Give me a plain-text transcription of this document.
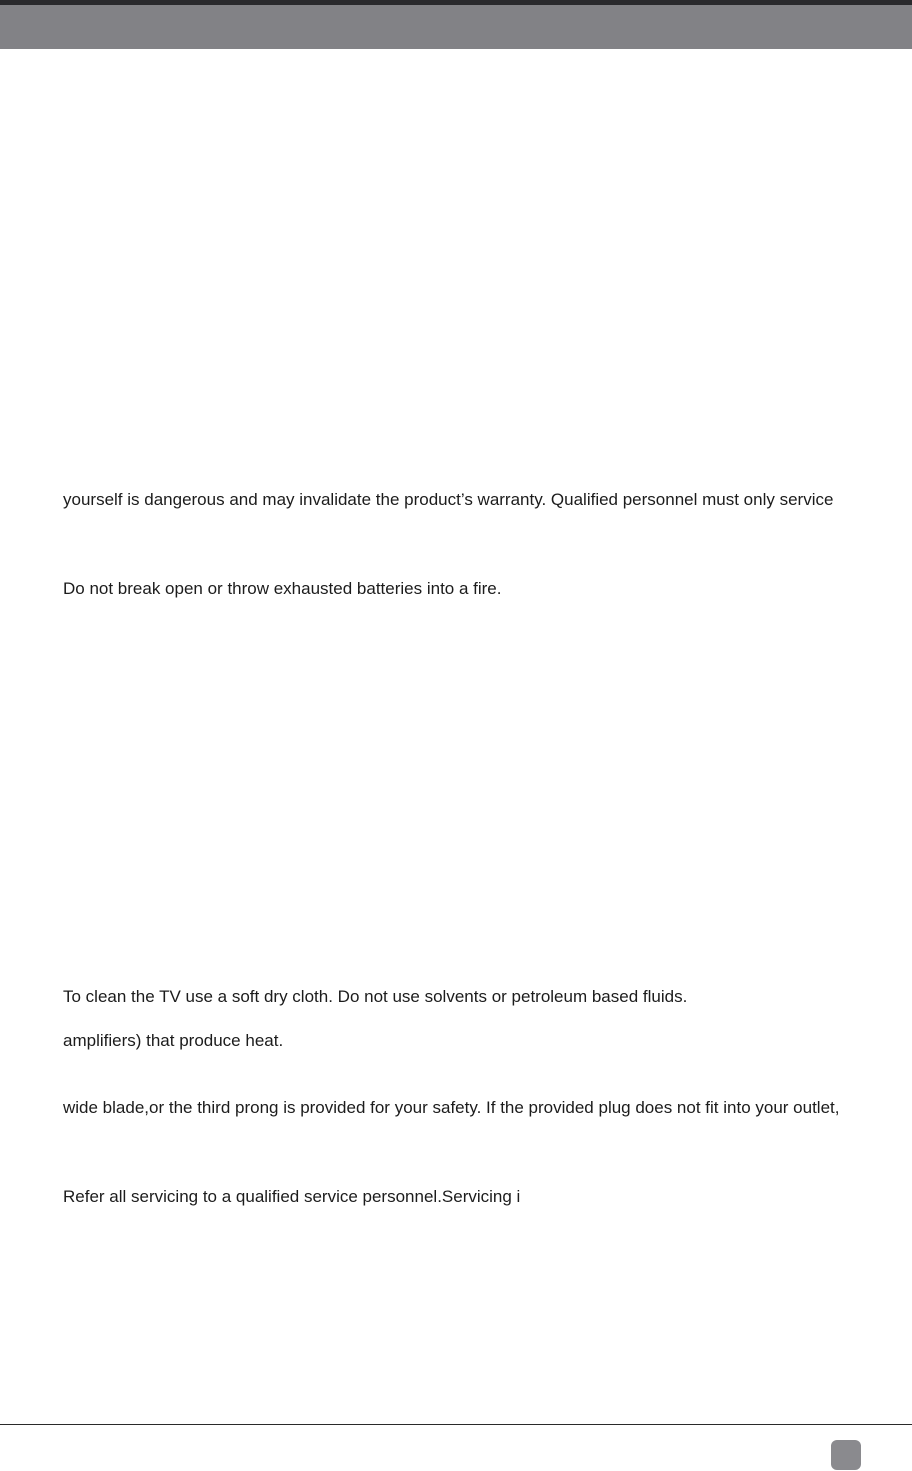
yourself is dangerous and may invalidate the product’s warranty. Qualified personnel must only service
Do not break open or throw exhausted batteries into a fire.
To clean the TV use a soft dry cloth. Do not use solvents or petroleum based fluids.
amplifiers) that produce heat.
wide blade,or the third prong is provided for your safety. If the provided plug does not fit into your outlet,
Refer all servicing to a qualified service personnel.Servicing i
